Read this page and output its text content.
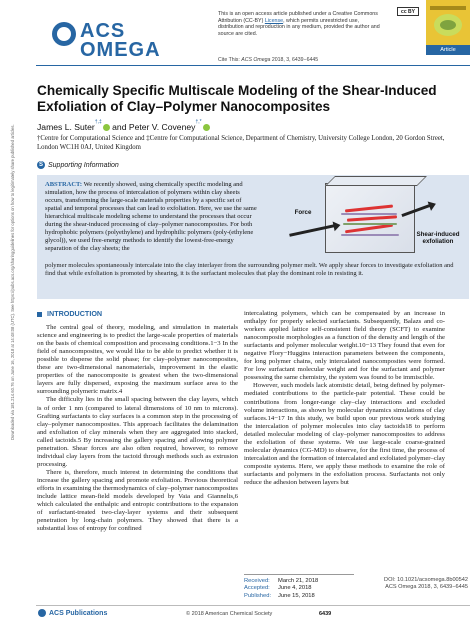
Downloaded via 181.214.60.76 on June 16, 2018 at 14:48:08 (UTC). See https://pubs.acs.org/sharingguidelines for options on how to legitimately share published articles.
ACS
OMEGA
This is an open access article published under a Creative Commons Attribution (CC-BY) License, which permits unrestricted use, distribution and reproduction in any medium, provided the author and source are cited.
cc BY
Article
Cite This: ACS Omega 2018, 3, 6439−6445
Chemically Specific Multiscale Modeling of the Shear-Induced Exfoliation of Clay–Polymer Nanocomposites
James L. Suter†,‡ and Peter V. Coveney†,*
†Centre for Computational Science and ‡Centre for Computational Science, Department of Chemistry, University College London, 20 Gordon Street, London WC1H 0AJ, United Kingdom
S Supporting Information
ABSTRACT: We recently showed, using chemically specific modeling and simulation, how the process of intercalation of polymers within clay sheets occurs, transforming the large-scale materials properties by a specific set of spatial and temporal processes that can lead to exfoliation. Here, we use the same hierarchical multiscale modeling scheme to understand the processes that occur during the shear-induced processing of clay–polymer nanocomposites. For both hydrophobic polymers (polyethylene) and hydrophilic polymers (poly-(ethylene glycol)), we used free-energy methods to identify the lowest-free-energy separation of the clay sheets; the
Force
Shear-induced exfoliation
polymer molecules spontaneously intercalate into the clay interlayer from the surrounding polymer melt. We apply shear forces to investigate exfoliation and find that while exfoliation is promoted by shearing, it is the surfactant molecules that play the dominant role in resisting it.
INTRODUCTION

The central goal of theory, modeling, and simulation in materials science and engineering is to predict the large-scale properties of materials on the basis of chemical composition and processing conditions.1−3 In the field of nanocomposites, we would like to be able to predict whether it is possible to disperse the solid phase; for clay–polymer nanocomposites, these are two-dimensional nanomaterials, improvement in the elastic properties of the nanocomposite is greatest when the two-dimensional layers are fully dispersed, exposing the maximum surface area to the surrounding polymeric matrix.4

The difficulty lies in the small spacing between the clay layers, which is of order 1 nm (compared to lateral dimensions of 10 nm to microns). Grafting surfactants to clay surfaces is a common step in the processing of clay–polymer nanocomposites. This approach facilitates the delamination and exfoliation of clay minerals when they are aggregated into stacked, called tactoids.5 By increasing the gallery spacing and allowing polymer penetration. Shear forces are also often required, however, to remove individual clay layers from the tactoid through methods such as extrusion processing.

There is, therefore, much interest in determining the conditions that increase the gallery spacing and promote exfoliation. Previous theoretical efforts in examining the thermodynamics of clay–polymer nanocomposites include lattice mean-field models developed by Vaia and Giannelis,6 which calculated the enthalpic and entropic contributions to the expansion of surfactant-treated two-clay-layer systems and their subsequent penetration by long-chain polymers. They showed that there is a substantial loss of entropy for confined

intercalating polymers, which can be compensated by an increase in enthalpy for properly selected surfactants. Subsequently, Balazs and co-workers applied lattice self-consistent field theory (SCFT) to examine nanocomposite morphologies as a function of the density and length of the surfactants and polymer molecular weight.10−13 They found that even for negative Flory−Huggins interaction parameters between the components, for long polymer chains, only intercalated nanocomposites were formed. For low surfactant molecular weight and for the surfactant and polymer possessing the same chemistry, the system was found to be immiscible.

However, such models lack atomistic detail, being defined by polymer-mediated contributions to the particle-pair potential. These could be contributions from longer-range clay–clay interactions and excluded volume interactions, as shown by molecular dynamics simulations of clay surfaces.14−17 In this study, we build upon our previous work studying the intercalation of polymer molecules into clay tactoids18 to perform detailed molecular modeling of clay–polymer nanocomposites to address the exfoliation of these systems. We use large-scale coarse-grained molecular dynamics (CG-MD) to observe, for the first time, the process of intercalation and the formation of intercalated and exfoliated polymer–clay composite systems. Here, we apply these methods to examine the role of surfactants and polymers in the exfoliation process. Surfactants not only reduce the adhesion between layers but

Received: March 21, 2018
Accepted: June 4, 2018
Published: June 15, 2018
DOI: 10.1021/acsomega.8b00542
ACS Omega 2018, 3, 6439−6445
ACS Publications	© 2018 American Chemical Society	6439
